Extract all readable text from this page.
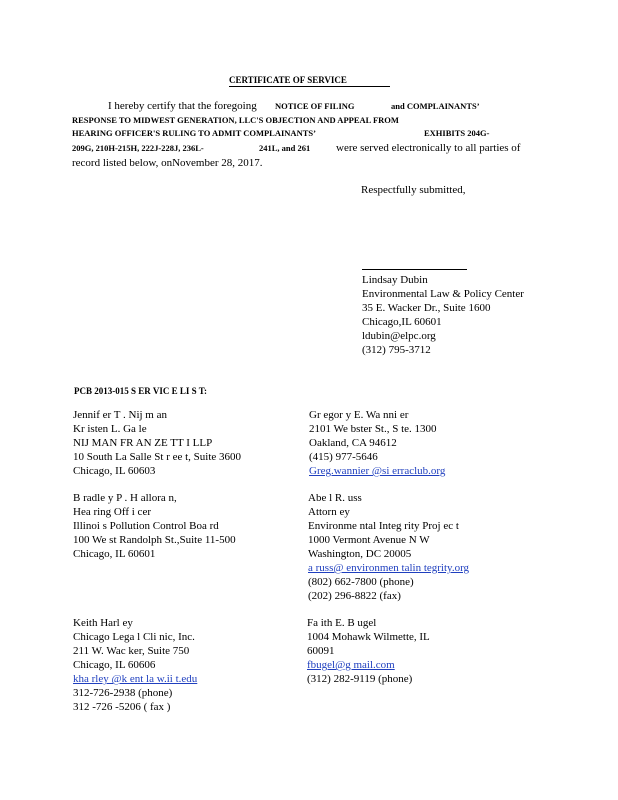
CERTIFICATE OF SERVICE
I hereby certify that the foregoing NOTICE OF FILING	and COMPLAINANTS’
RESPONSE TO MIDWEST GENERATION, LLC'S OBJECTION AND APPEAL FROM
HEARING OFFICER'S RULING TO ADMIT COMPLAINANTS’	EXHIBITS 204G-
209G, 210H-215H, 222J-228J, 236L-	241L, and 261 were served electronically to all parties of
record listed below, onNovember 28, 2017.
Respectfully submitted,
Lindsay Dubin
Environmental Law & Policy Center
35 E. Wacker Dr., Suite 1600
Chicago,IL 60601
ldubin@elpc.org
(312) 795-3712
PCB 2013-015 S ER VIC E LI S T:
Jennif er T . Nij m an
Kr isten L. Ga le
NIJ MAN FR AN ZE TT I LLP
10 South La Salle St r ee t, Suite 3600
Chicago, IL 60603
Gr egor y E. Wa nni er
2101 We bster St., S te. 1300
Oakland, CA 94612
(415) 977-5646
Greg.wannier @si erraclub.org
B radle y P . H allora n,
Hea ring Off i cer
Illinoi s Pollution Control Boa rd
100 We st Randolph St.,Suite 11-500
Chicago, IL 60601
Abe l R. uss
Attorn ey
Environme ntal Integ rity Proj ec t
1000 Vermont Avenue N W
Washington, DC 20005
a russ@ environmen talin tegrity.org
(802) 662-7800 (phone)
(202) 296-8822 (fax)
Keith Harl ey
Chicago Lega l Cli nic, Inc.
211 W. Wac ker, Suite 750
Chicago, IL 60606
kha rley @k ent la w.ii t.edu
312-726-2938 (phone)
312 -726 -5206 ( fax )
Fa ith E. B ugel
1004 Mohawk Wilmette, IL
60091
fbugel@g mail.com
(312) 282-9119 (phone)
